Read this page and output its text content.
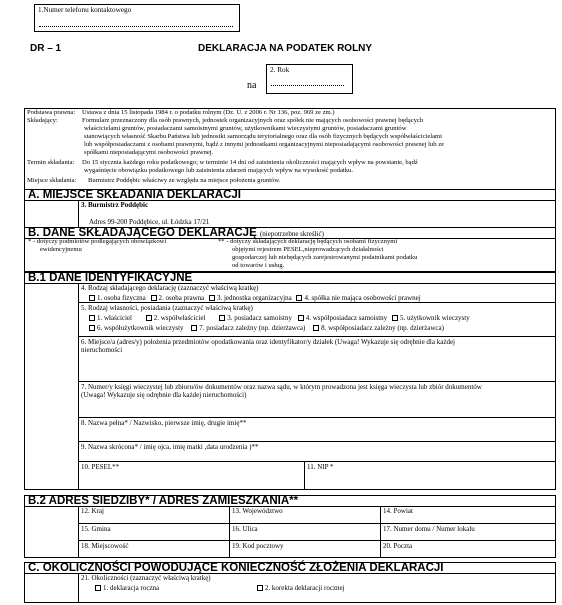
1.Numer telefonu kontaktowego
DR – 1	DEKLARACJA NA PODATEK ROLNY
na
2. Rok
Podstawa prawna: Ustawa z dnia 15 listopada 1984 r. o podatku rolnym (Dz. U. z 2006 r. Nr 136, poz. 969 ze zm.)
Składający:	Formularz przeznaczony dla osób prawnych, jednostek organizacyjnych oraz spółek nie mających osobowości prawnej będących
właścicielami gruntów, posiadaczami samoistnymi gruntów, użytkownikami wieczystymi gruntów, posiadaczami gruntów
stanowiących własność Skarbu Państwa lub jednostki samorządu terytorialnego oraz dla osób fizycznych będących współwłaścicielami
lub współposiadaczami z osobami prawnymi, bądź z innymi jednostkami organizacyjnymi nieposiadającymi osobowości prawnej lub ze
spółkami nieposiadającymi osobowości prawnej.
Termin składania: Do 15 stycznia każdego roku podatkowego; w terminie 14 dni od zaistnienia okoliczności mających wpływ na powstanie, bądź
wygaśnięcie obowiązku podatkowego lub zaistnienia zdarzeń mających wpływ na wysokość podatku.
Miejsce składania: Burmistrz Poddębic właściwy ze względu na miejsce położenia gruntów.
A. MIEJSCE SKŁADANIA DEKLARACJI
3. Burmistrz Poddębic
Adres 99-200 Poddębice, ul. Łódzka 17/21
B. DANE SKŁADAJĄCEGO DEKLARACJĘ (niepotrzebne skreślić)
* - dotyczy podmiotów podlegających obowiązkowi
ewidencyjnemu
** - dotyczy składających deklarację będących osobami fizycznymi
objętymi rejestrem PESEL,nieprowadzących działalności
gospodarczej lub niebędących zarejestrowanymi podatnikami podatku
od towarów i usług.
B.1 DANE IDENTYFIKACYJNE
4. Rodzaj składającego deklarację (zaznaczyć właściwą kratkę)
1. osoba fizyczna 2. osoba prawna 3. jednostka organizacyjna 4. spółka nie mająca osobowości prawnej
5. Rodzaj własności, posiadania (zaznaczyć właściwą kratkę)
1. właściciel	2. współwłaściciel	3. posiadacz samoistny 4. współposiadacz samoistny 5. użytkownik wieczysty
6. współużytkownik wieczysty 7. posiadacz zależny (np. dzierżawca) 8. współposiadacz zależny (np. dzierżawca)
6. Miejsce/a (adres/y) położenia przedmiotów opodatkowania oraz identyfikator/y działek (Uwaga! Wykazuje się odrębnie dla każdej
nieruchomości
7. Numer/y księgi wieczystej lub zbioru/ów dokumentów oraz nazwa sądu, w którym prowadzona jest księga wieczysta lub zbiór dokumentów
(Uwaga! Wykazuje się odrębnie dla każdej nieruchomości)
8. Nazwa pełna* / Nazwisko, pierwsze imię, drugie imię**
9. Nazwa skrócona* / imię ojca, imię matki ,data urodzenia )**
10. PESEL**	11. NIP *
B.2 ADRES SIEDZIBY* / ADRES ZAMIESZKANIA**
12. Kraj	13. Województwo	14. Powiat
15. Gmina	16. Ulica	17. Numer domu / Numer lokalu
18. Miejscowość	19. Kod pocztowy	20. Poczta
C. OKOLICZNOŚCI POWODUJĄCE KONIECZNOŚĆ ZŁOŻENIA DEKLARACJI
21. Okoliczności (zaznaczyć właściwą kratkę)
1. deklaracja roczna	2. korekta deklaracji rocznej
